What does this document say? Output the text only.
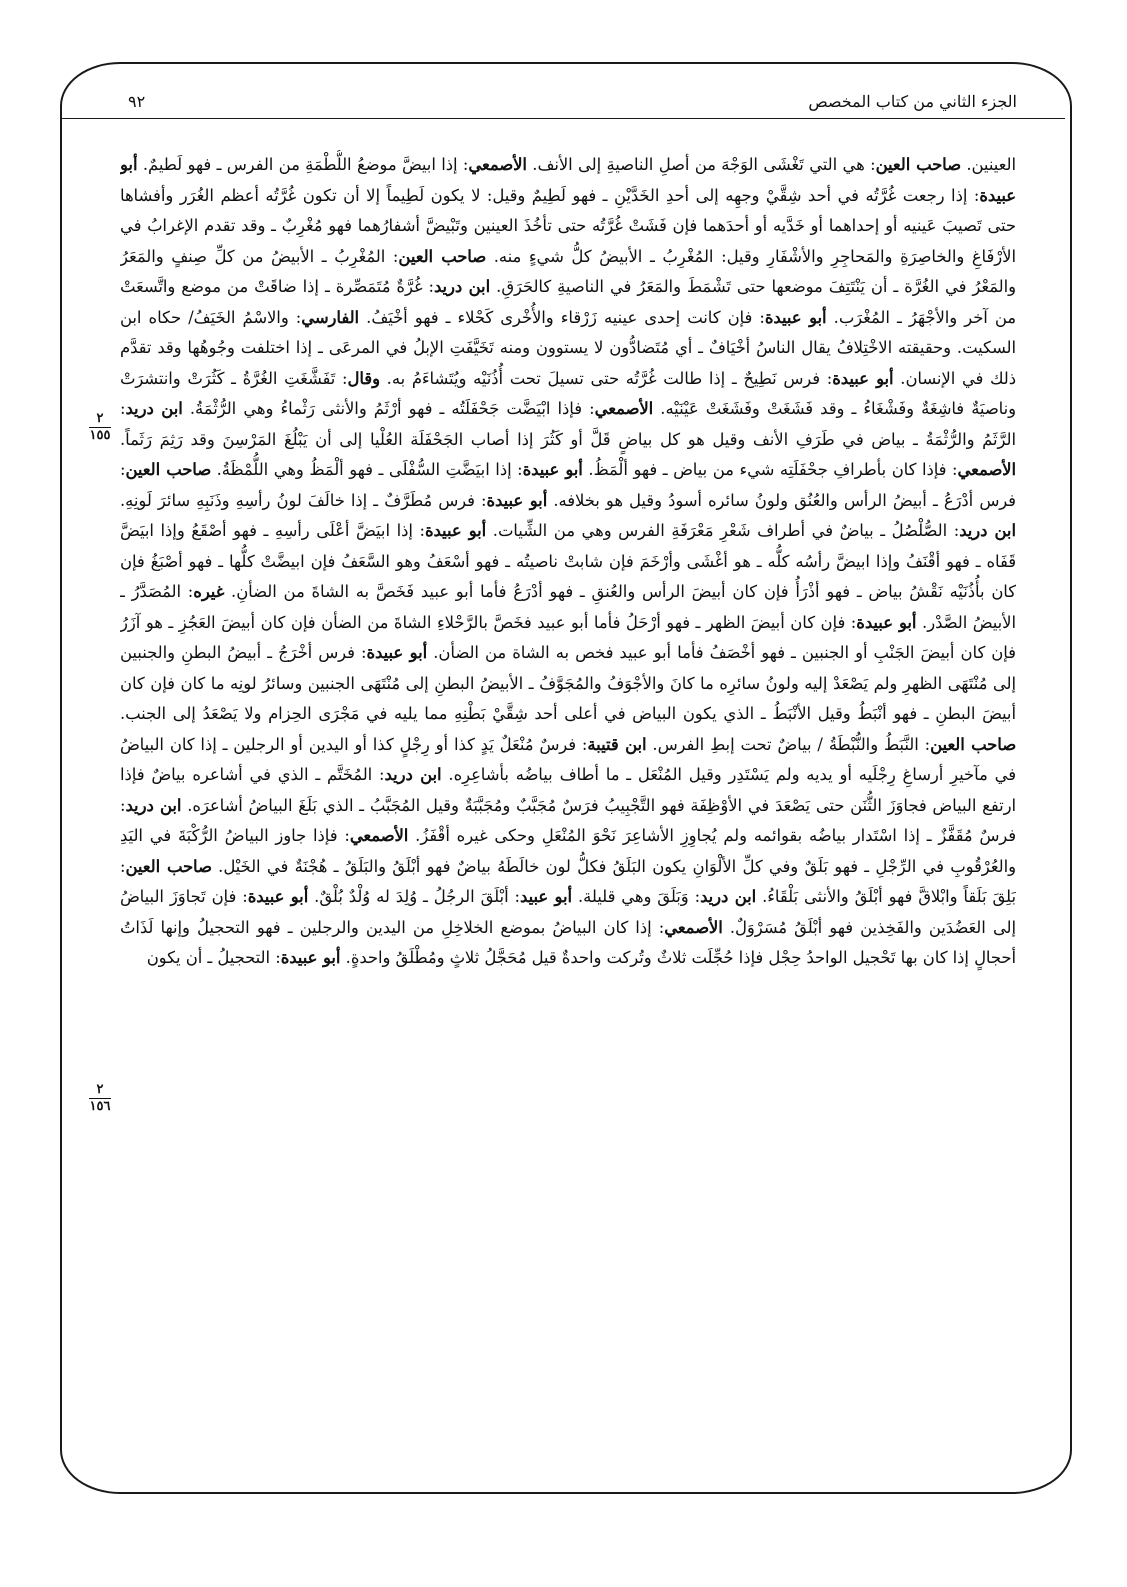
الجزء الثاني من كتاب المخصص
٩٢
العينين. صاحب العين: هي التي تَغْشَى الوَجْهَ من أصلِ الناصيةِ إلى الأنف. الأصمعي: إذا ابيضَّ موضعُ اللُّطْمَةِ من الفرس ـ فهو لَطيمٌ. أبو عبيدة: إذا رجعت غُرَّتُه في أحد شِقَّيْ وجهِه إلى أحدِ الخَدَّيْنِ ـ فهو لَطِيمٌ وقيل: لا يكون لَطِيماً إلا أن تكون غُرَّتُه أعظم الغُرَر وأفشاها حتى تَصيبَ عَينيه أو إحداهما أو خَدَّيه أو أحدَهما فإن فَشَتْ غُرَّتُه حتى تأخُذَ العينين وتَبْيضَّ أشفارُهما فهو مُغْرِبٌ ـ وقد تقدم الإغرابُ في الأرْفَاغِ والخاصِرَةِ والمَحاجِرِ والأشْفَارِ وقيل: المُغْرِبُ ـ الأبيضُ كلُّ شيءٍ منه. صاحب العين: المُغْرِبُ ـ الأبيضُ من كلِّ صِنفٍ والمَعَرُ والمَعْرُ في الغُرَّة ـ أن يَنْتَتِفَ موضعها حتى تَشْمَطَ والمَعَرُ في الناصيةِ كالحَرَقِ. ابن دريد: غُرَّةٌ مُتَمَصِّرة ـ إذا ضاقَتْ من موضع واتَّسعَتْ من آخر والأجْهَرُ ـ المُغْرَب. أبو عبيدة: فإن كانت إحدى عينيه زَرْقاء والأُخْرى كَحْلاء ـ فهو أخْيَفُ. الفارسي: والاسْمُ الخَيَفُ/ حكاه ابن السكيت. وحقيقته الاخْتِلافُ يقال الناسُ أخْيَافٌ ـ أي مُتَضادُّون لا يستوون ومنه تَخَيَّفَتِ الإبلُ في المرعَى ـ إذا اختلفت وجُوهُها وقد تقدَّم ذلك في الإنسان. أبو عبيدة: فرس نَطِيحٌ ـ إذا طالت غُرَّتُه حتى تسيلَ تحت أُذُنَيْه ويُتَشاءَمُ به. وقال: تَفَشَّغَتِ الغُرَّةُ ـ كَثُرَتْ وانتشرَتْ وناصيَةٌ فاشِغَةٌ وفَشْغَاءُ ـ وقد فَشَغَتْ وفَشَغَتْ عَيْنَيْه. الأصمعي: فإذا ابْيَضَّت جَحْفَلَتُه ـ فهو أرْثَمُ والأنثى رَثْماءُ وهي الرُّثْمَةُ. ابن دريد: الرَّثَمُ والرُّثْمَةُ ـ بياض في طَرَفِ الأنف وقيل هو كل بياضٍ قَلَّ أو كَثُرَ إذا أصاب الجَحْفَلَة العُلْيا إلى أن يَبْلُغَ المَرْسِنَ وقد رَثِمَ رَثَماً. الأصمعي: فإذا كان بأطرافِ جحْفَلَتِه شيء من بياض ـ فهو ألْمَظُ. أبو عبيدة: إذا ابيَضَّتِ السُّفْلَى ـ فهو ألْمَظُ وهي اللُّمْظَةُ. صاحب العين: فرس أدْرَعُ ـ أبيضُ الرأس والعُنُق ولونُ سائره أسودُ وقيل هو بخلافه. أبو عبيدة: فرس مُطَرَّفٌ ـ إذا خالَفَ لونُ رأسِهِ وذَنَبِهِ سائرَ لَونِهِ. ابن دريد: الصُّلْصُلُ ـ بياضٌ في أطراف شَعْرِ مَعْرَفَةِ الفرس وهي من الشِّيات. أبو عبيدة: إذا ابيَضَّ أعْلَى رأسِهِ ـ فهو أصْقَعُ وإذا ابيَضَّ قَفَاه ـ فهو أقْنَفُ وإذا ابيضَّ رأسُه كلُّه ـ هو أغْشَى وأرْخَمَ فإن شابتْ ناصيتُه ـ فهو أسْعَفُ وهو السَّعَفُ فإن ابيضَّتْ كلُّها ـ فهو أصْبَغُ فإن كان بأُذُنَيْه نَقْشُ بياض ـ فهو أذْرَأُ فإن كان أبيضَ الرأس والعُنقِ ـ فهو أدْرَعُ فأما أبو عبيد فَخَصَّ به الشاةَ من الضأنِ. غيره: المُصَدَّرُ ـ الأبيضُ الصَّدْر. أبو عبيدة: فإن كان أبيضَ الظهر ـ فهو أرْحَلُ فأما أبو عبيد فخَصَّ بالرَّحْلاءِ الشاةَ من الضأن فإن كان أبيضَ العَجُزِ ـ هو آزَرُ فإن كان أبيضَ الجَنْبِ أو الجنبين ـ فهو أخْصَفُ فأما أبو عبيد فخص به الشاة من الضأن. أبو عبيدة: فرس أخْرَجُ ـ أبيضُ البطنِ والجنبين إلى مُنْتَهَى الظهرِ ولم يَصْعَدْ إليه ولونُ سائرِه ما كانَ والأجْوَفُ والمُجَوَّفُ ـ الأبيضُ البطنِ إلى مُنْتَهَى الجنبين وسائرُ لونِه ما كان فإن كان أبيضَ البطنِ ـ فهو أنْبَطُ وقيل الأنْبَطُ ـ الذي يكون البياض في أعلى أحد شِقَّيْ بَطْنِهِ مما يليه في مَجْرَى الحِزام ولا يَصْعَدُ إلى الجنب. صاحب العين: النَّبَطُ والنُّبْطَةُ / بياضٌ تحت إبطِ الفرس. ابن قتيبة: فرسٌ مُنْعَلٌ يَدٍ كذا أو رِجْلٍ كذا أو اليدين أو الرجلين ـ إذا كان البياضُ في مآخيرِ أرساغِ رِجْلَيه أو يديه ولم يَسْتَدِر وقيل المُنْعَل ـ ما أطاف بياضُه بأشاعِرِه. ابن دريد: المُخَتَّم ـ الذي في أشاعره بياضٌ فإذا ارتفع البياض فجاوَزَ الثُّنَن حتى يَصْعَدَ في الأوْظِفَة فهو التَّجْبِيبُ فرَسٌ مُجَبَّبٌ ومُجَبَّبَةٌ وقيل المُجَبَّبُ ـ الذي بَلَغَ البياضُ أشاعرَه. ابن دريد: فرسٌ مُقَفَّزٌ ـ إذا اسْتَدار بياضُه بقوائمه ولم يُجاوِزِ الأشاعِرَ نَحْوَ المُنْعَلِ وحكى غيره أقْفَزُ. الأصمعي: فإذا جاوز البياضُ الرُّكْبَةَ في اليَدِ والعُرْقُوبِ في الرِّجْلِ ـ فهو بَلَقٌ وفي كلِّ الألْوَانِ يكون البَلَقُ فكلُّ لون خالَطَهُ بياضٌ فهو أبْلَقُ والبَلَقُ ـ هُجْنَةٌ في الخَيْل. صاحب العين: بَلِقَ بَلَقاً وابْلاقَّ فهو أبْلَقُ والأنثى بَلْقَاءُ. ابن دريد: وَبَلَقَ وهي قليلة. أبو عبيد: أبْلَقَ الرجُلُ ـ وُلِدَ له وُلْدٌ بُلْقٌ. أبو عبيدة: فإن تَجاوَزَ البياضُ إلى العَضُدَين والفَخِذين فهو أبْلَقُ مُسَرْوَلٌ. الأصمعي: إذا كان البياضُ بموضع الخلاخِلِ من اليدين والرجلين ـ فهو التحجيلُ وإنها لَذَاتُ أحجالٍ إذا كان بها تَحْجيل الواحدُ حِجْل فإذا حُجِّلَت ثلاثٌ وتُركت واحدةٌ قيل مُحَجَّلُ ثلاثٍ ومُطْلَقُ واحدةٍ. أبو عبيدة: التحجيلُ ـ أن يكون
٢
١٥٥
٢
١٥٦
